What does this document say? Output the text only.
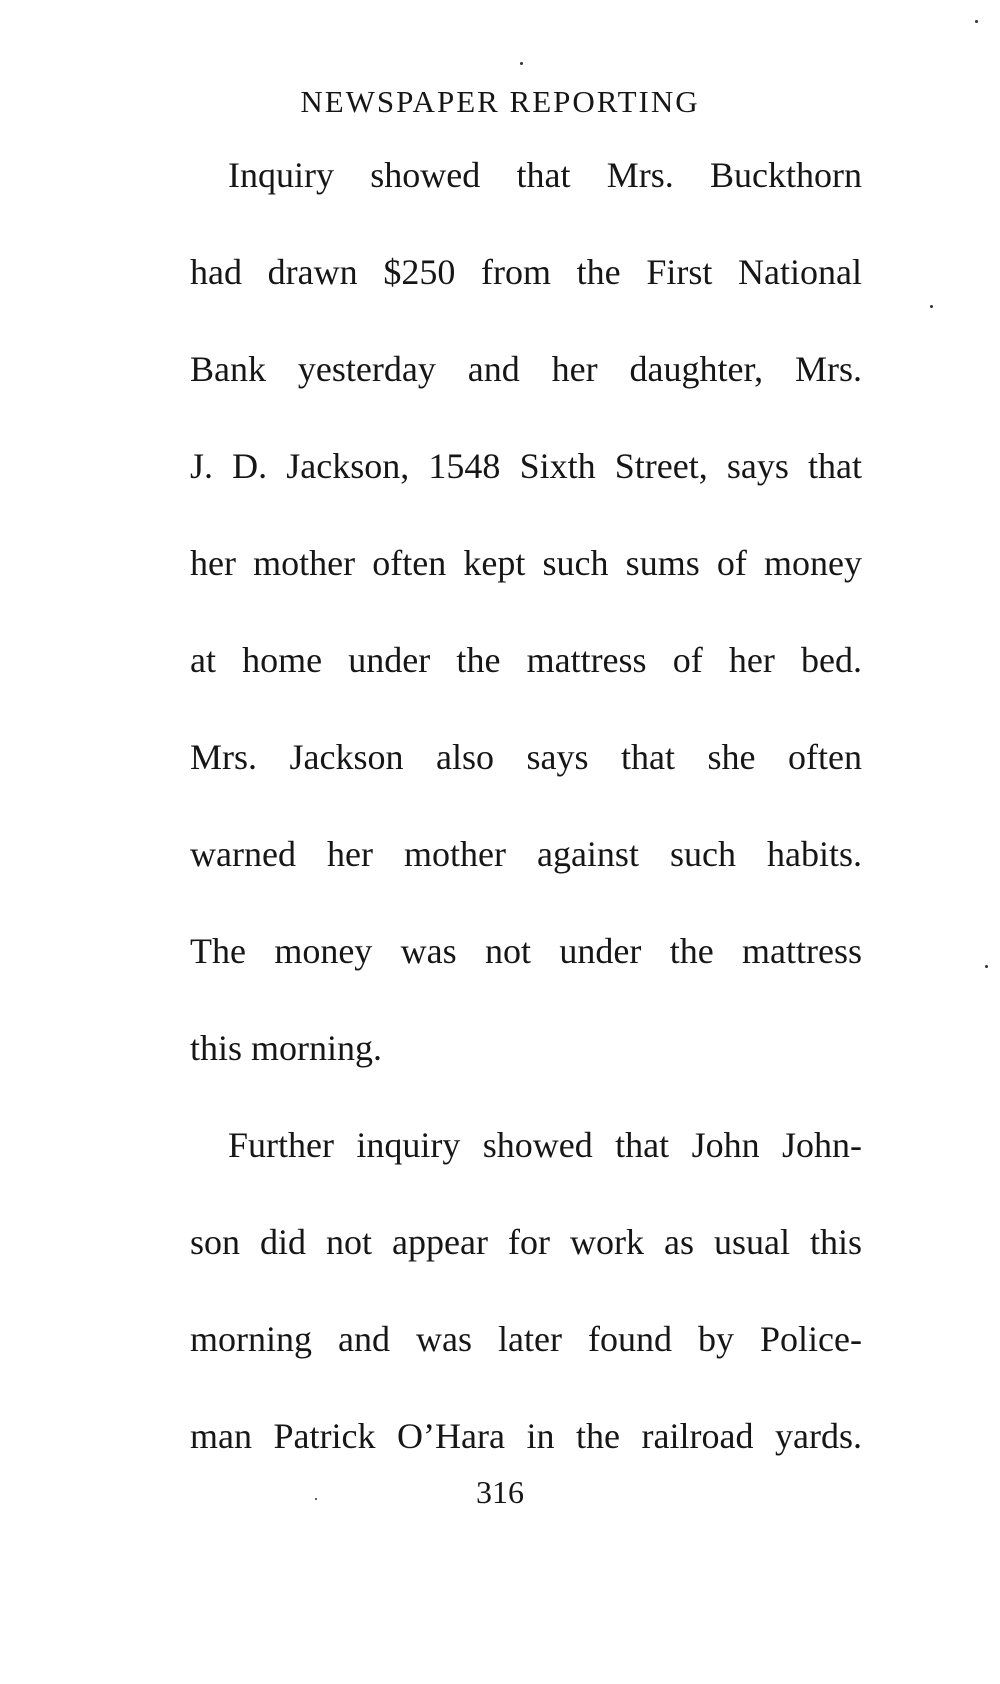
NEWSPAPER REPORTING
Inquiry showed that Mrs. Buckthorn
had drawn $250 from the First National
Bank yesterday and her daughter, Mrs.
J. D. Jackson, 1548 Sixth Street, says that
her mother often kept such sums of money
at home under the mattress of her bed.
Mrs. Jackson also says that she often
warned her mother against such habits.
The money was not under the mattress
this morning.
Further inquiry showed that John John-
son did not appear for work as usual this
morning and was later found by Police-
man Patrick O’Hara in the railroad yards.
316
